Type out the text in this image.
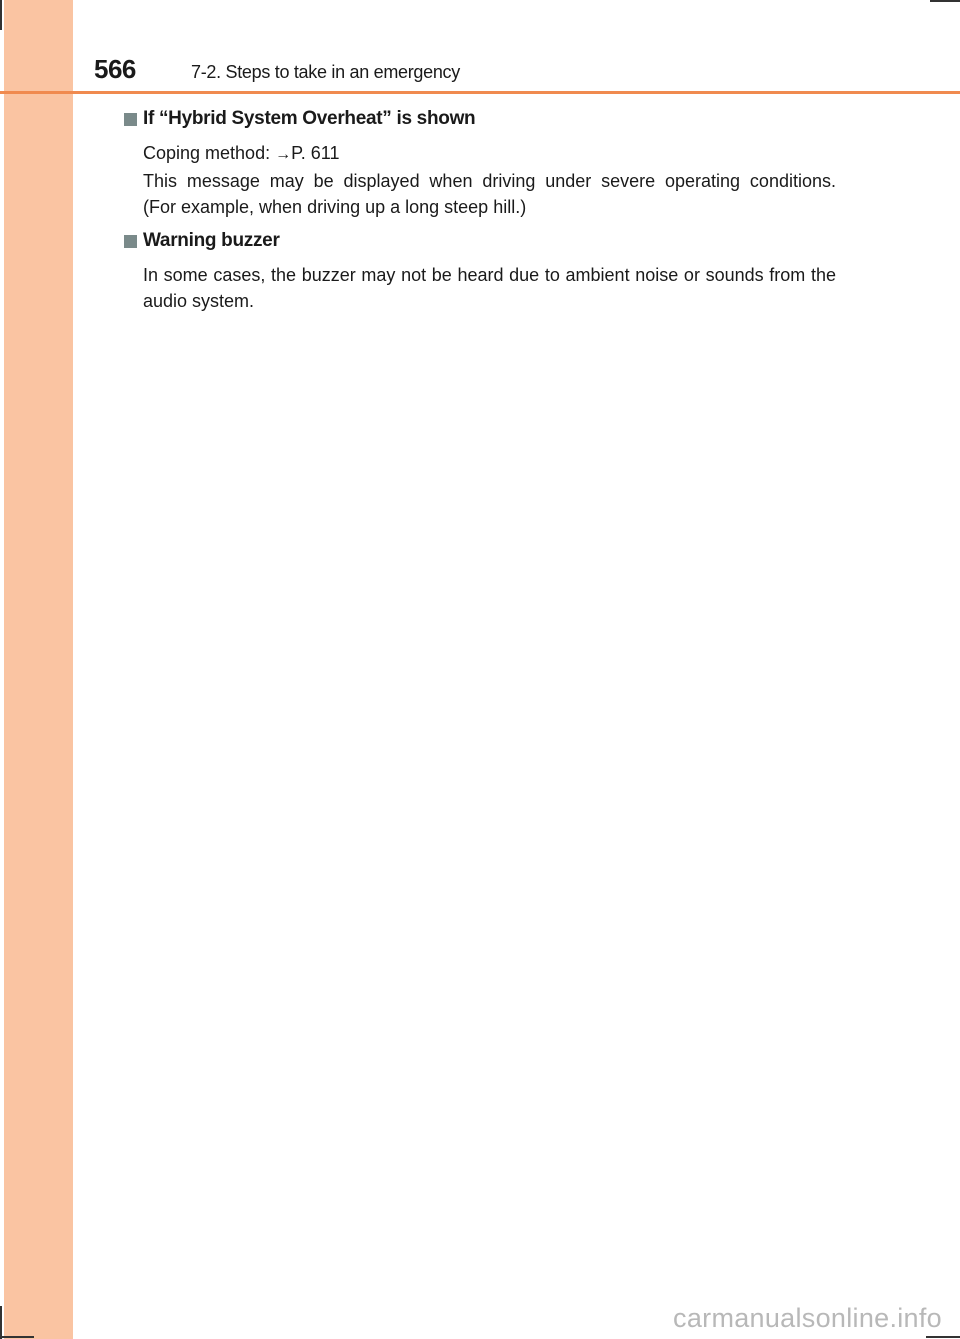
566	7-2. Steps to take in an emergency
If “Hybrid System Overheat” is shown

Coping method: →P. 611

This message may be displayed when driving under severe operating conditions.

(For example, when driving up a long steep hill.)

Warning buzzer

In some cases, the buzzer may not be heard due to ambient noise or sounds from the

audio system.

carmanualsonline.info
